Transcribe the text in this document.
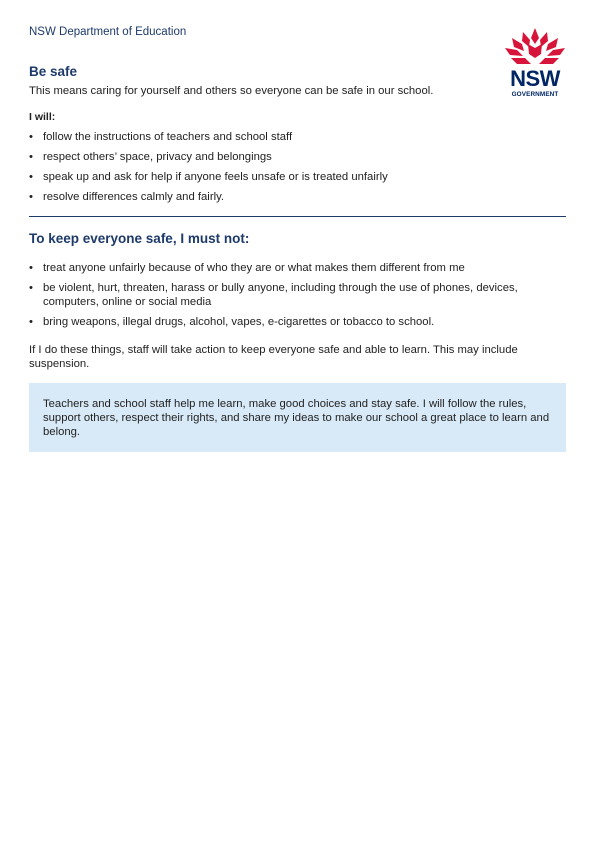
NSW Department of Education
NSW
GOVERNMENT
Be safe

This means caring for yourself and others so everyone can be safe in our school.

I will:

• follow the instructions of teachers and school staff
• respect others’ space, privacy and belongings
• speak up and ask for help if anyone feels unsafe or is treated unfairly
• resolve differences calmly and fairly.
To keep everyone safe, I must not:
• treat anyone unfairly because of who they are or what makes them different from me
• be violent, hurt, threaten, harass or bully anyone, including through the use of phones, devices, computers, online or social media
• bring weapons, illegal drugs, alcohol, vapes, e-cigarettes or tobacco to school.

If I do these things, staff will take action to keep everyone safe and able to learn. This may include suspension.

Teachers and school staff help me learn, make good choices and stay safe. I will follow the rules, support others, respect their rights, and share my ideas to make our school a great place to learn and belong.
